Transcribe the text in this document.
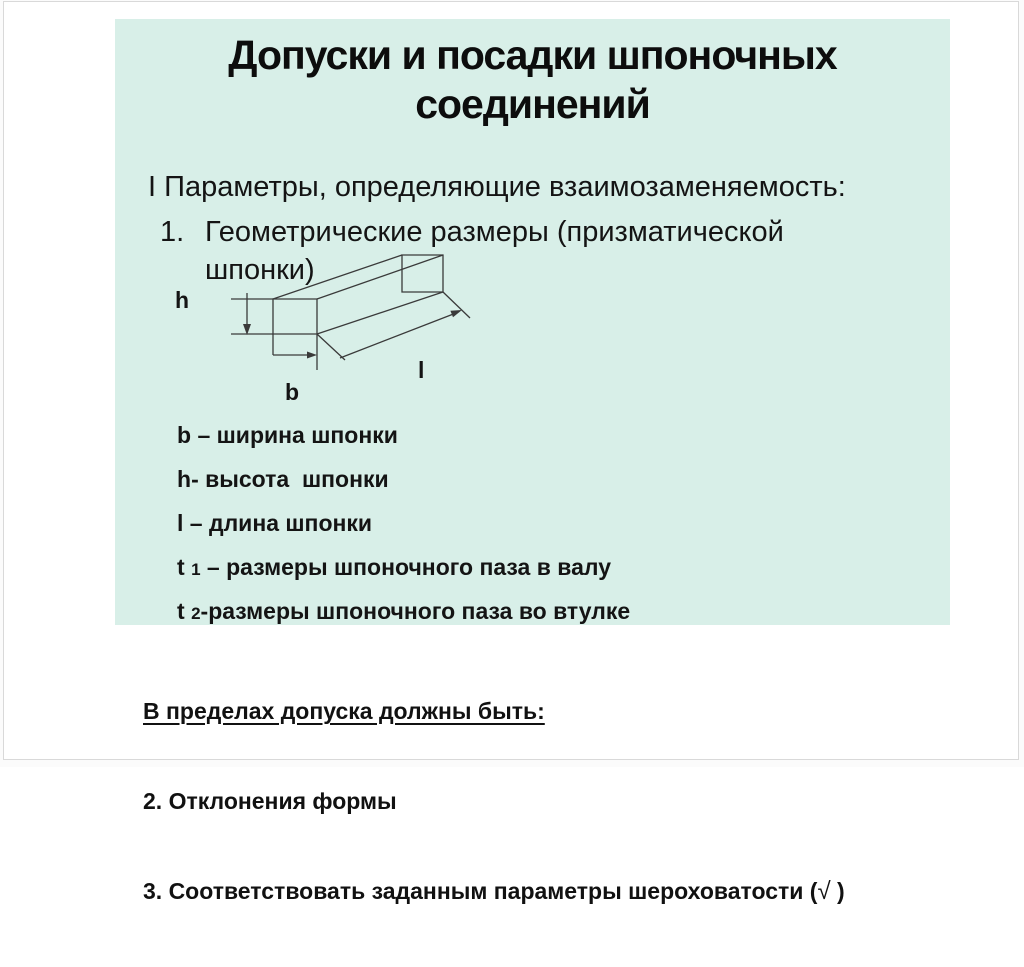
Допуски и посадки шпоночных
соединений
I Параметры, определяющие взаимозаменяемость:
1. Геометрические размеры (призматической
шпонки)
h
b
l
b – ширина шпонки
h- высота  шпонки
l – длина шпонки
t 1 – размеры шпоночного паза в валу
t 2-размеры шпоночного паза во втулке

В пределах допуска должны быть:

2. Отклонения формы

3. Соответствовать заданным параметры шероховатости (√ )
